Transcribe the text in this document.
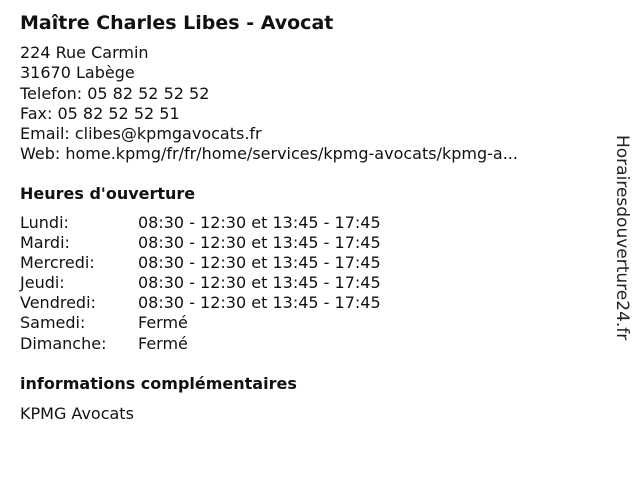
Maître Charles Libes - Avocat
224 Rue Carmin
31670 Labège
Telefon: 05 82 52 52 52
Fax: 05 82 52 52 51
Email: clibes@kpmgavocats.fr
Web: home.kpmg/fr/fr/home/services/kpmg-avocats/kpmg-a...
Heures d'ouverture
Lundi:	08:30 - 12:30 et 13:45 - 17:45
Mardi:	08:30 - 12:30 et 13:45 - 17:45
Mercredi:	08:30 - 12:30 et 13:45 - 17:45
Jeudi:	08:30 - 12:30 et 13:45 - 17:45
Vendredi:	08:30 - 12:30 et 13:45 - 17:45
Samedi:	Fermé
Dimanche:	Fermé
informations complémentaires
KPMG Avocats
Horairesdouverture24.fr
